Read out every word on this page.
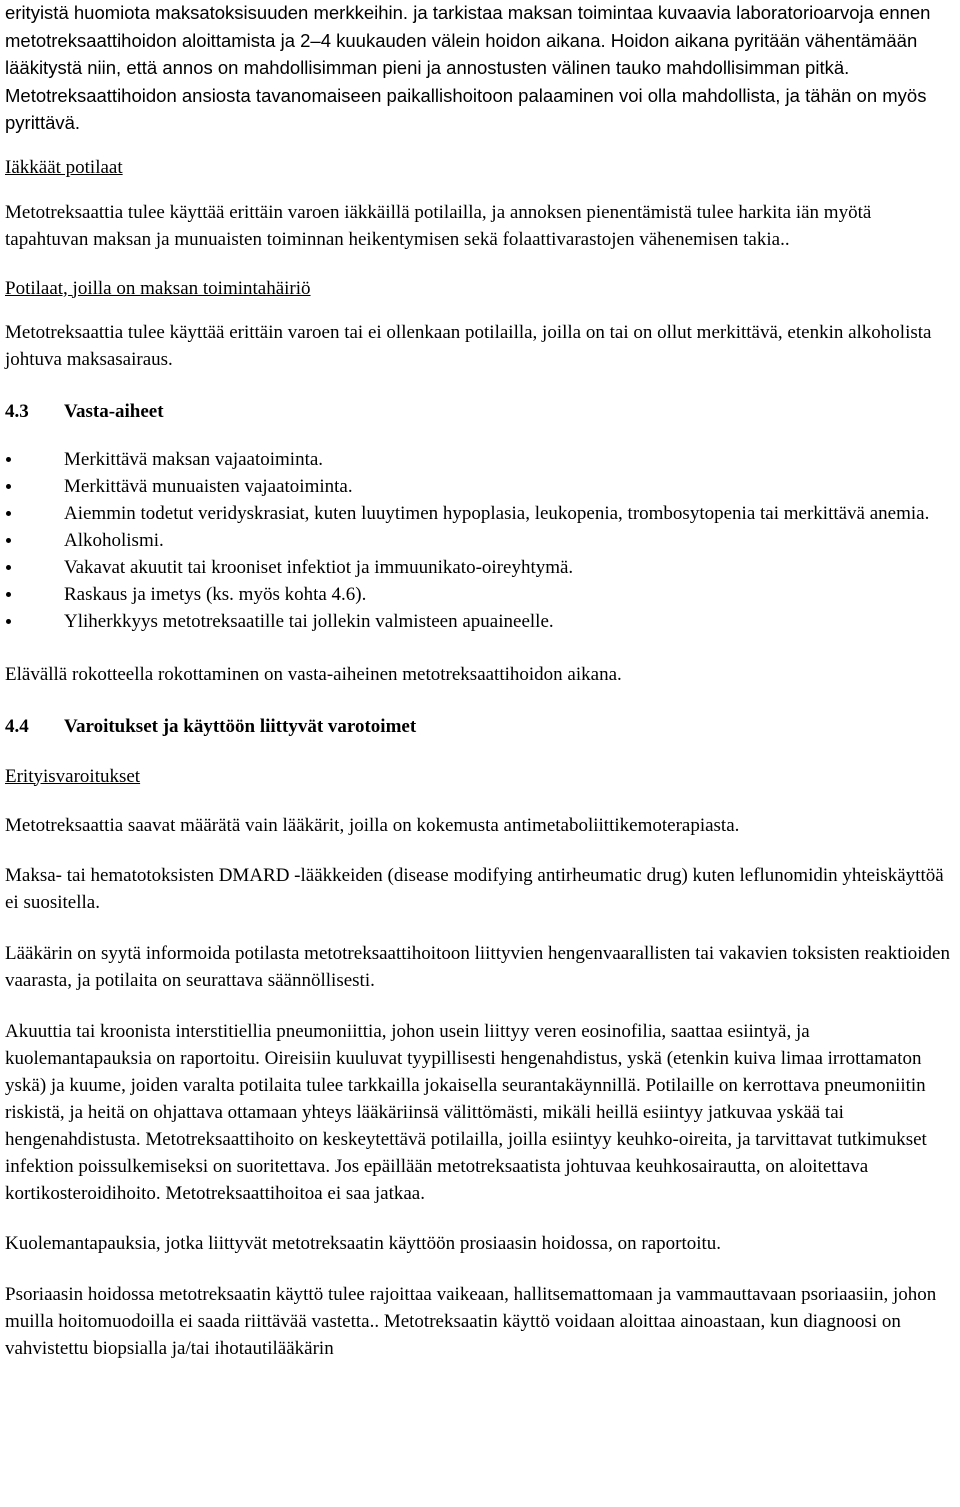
erityistä huomiota maksatoksisuuden merkkeihin. ja tarkistaa maksan toimintaa kuvaavia laboratorioarvoja ennen metotreksaattihoidon aloittamista ja 2–4 kuukauden välein hoidon aikana. Hoidon aikana pyritään vähentämään lääkitystä niin, että annos on mahdollisimman pieni ja annostusten välinen tauko mahdollisimman pitkä. Metotreksaattihoidon ansiosta tavanomaiseen paikallishoitoon palaaminen voi olla mahdollista, ja tähän on myös pyrittävä.

Iäkkäät potilaat

Metotreksaattia tulee käyttää erittäin varoen iäkkäillä potilailla, ja annoksen pienentämistä tulee harkita iän myötä tapahtuvan maksan ja munuaisten toiminnan heikentymisen sekä folaattivarastojen vähenemisen takia..

Potilaat, joilla on maksan toimintahäiriö

Metotreksaattia tulee käyttää erittäin varoen tai ei ollenkaan potilailla, joilla on tai on ollut merkittävä, etenkin alkoholista johtuva maksasairaus.

4.3	Vasta-aiheet
Merkittävä maksan vajaatoiminta.
Merkittävä munuaisten vajaatoiminta.
Aiemmin todetut veridyskrasiat, kuten luuytimen hypoplasia, leukopenia, trombosytopenia tai merkittävä anemia.
Alkoholismi.
Vakavat akuutit tai krooniset infektiot ja immuunikato-oireyhtymä.
Raskaus ja imetys (ks. myös kohta 4.6).
Yliherkkyys metotreksaatille tai jollekin valmisteen apuaineelle.

Elävällä rokotteella rokottaminen on vasta-aiheinen metotreksaattihoidon aikana.

4.4	Varoitukset ja käyttöön liittyvät varotoimet

Erityisvaroitukset

Metotreksaattia saavat määrätä vain lääkärit, joilla on kokemusta antimetaboliittikemoterapiasta.

Maksa- tai hematotoksisten DMARD -lääkkeiden (disease modifying antirheumatic drug) kuten leflunomidin yhteiskäyttöä ei suositella.

Lääkärin on syytä informoida potilasta metotreksaattihoitoon liittyvien hengenvaarallisten tai vakavien toksisten reaktioiden vaarasta, ja potilaita on seurattava säännöllisesti.

Akuuttia tai kroonista interstitiellia pneumoniittia, johon usein liittyy veren eosinofilia, saattaa esiintyä, ja kuolemantapauksia on raportoitu. Oireisiin kuuluvat tyypillisesti hengenahdistus, yskä (etenkin kuiva limaa irrottamaton yskä) ja kuume, joiden varalta potilaita tulee tarkkailla jokaisella seurantakäynnillä. Potilaille on kerrottava pneumoniitin riskistä, ja heitä on ohjattava ottamaan yhteys lääkäriinsä välittömästi, mikäli heillä esiintyy jatkuvaa yskää tai hengenahdistusta. Metotreksaattihoito on keskeytettävä potilailla, joilla esiintyy keuhko-oireita, ja tarvittavat tutkimukset infektion poissulkemiseksi on suoritettava. Jos epäillään metotreksaatista johtuvaa keuhkosairautta, on aloitettava kortikosteroidihoito. Metotreksaattihoitoa ei saa jatkaa.

Kuolemantapauksia, jotka liittyvät metotreksaatin käyttöön prosiaasin hoidossa, on raportoitu.

Psoriaasin hoidossa metotreksaatin käyttö tulee rajoittaa vaikeaan, hallitsemattomaan ja vammauttavaan psoriaasiin, johon muilla hoitomuodoilla ei saada riittävää vastetta.. Metotreksaatin käyttö voidaan aloittaa ainoastaan, kun diagnoosi on vahvistettu biopsialla ja/tai ihotautilääkärin
